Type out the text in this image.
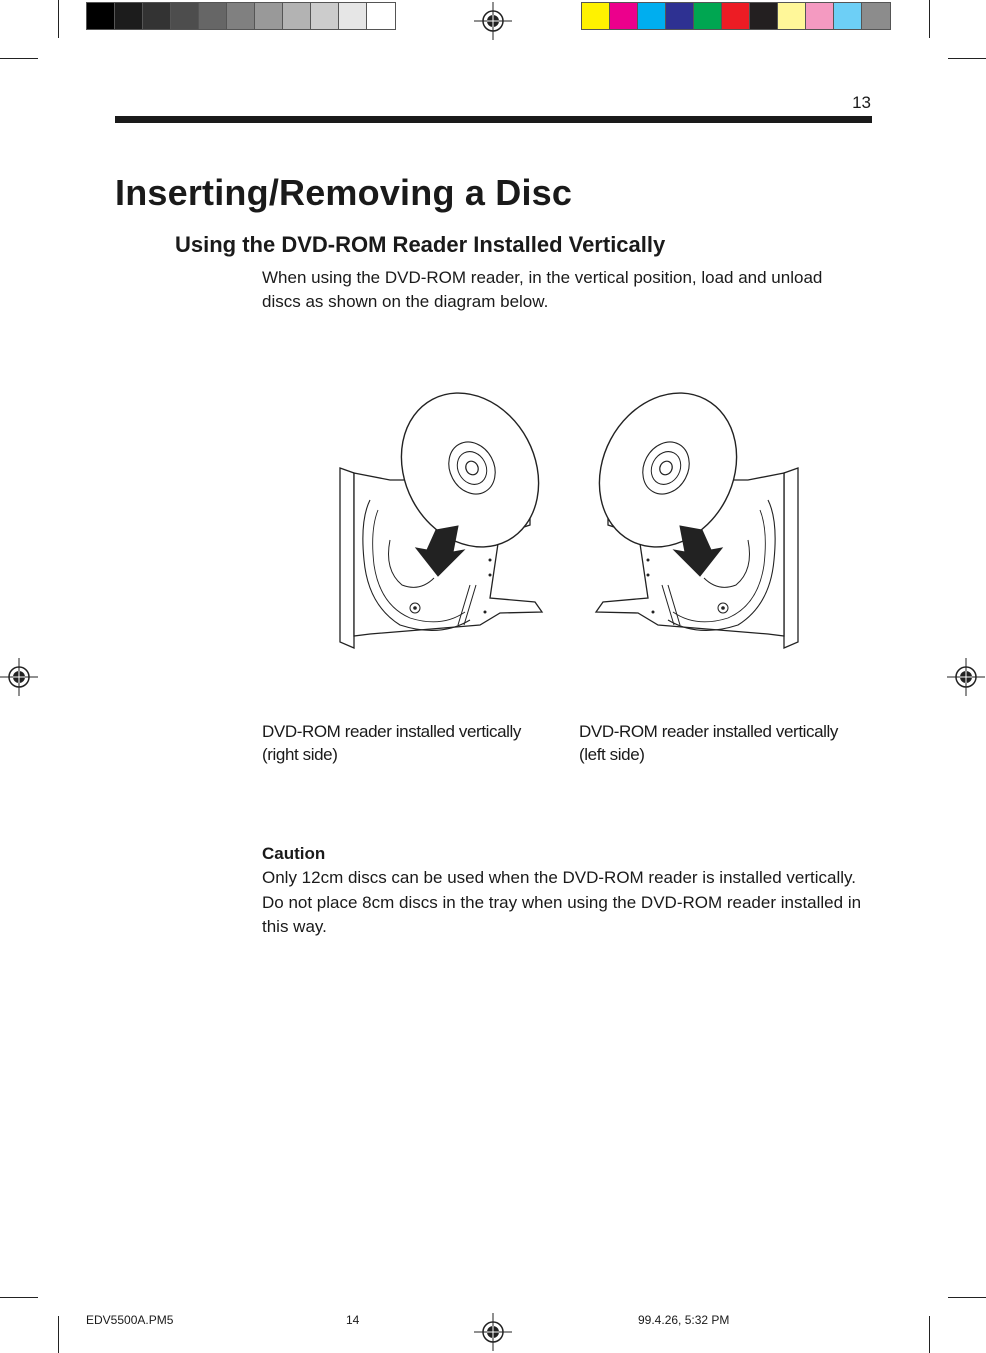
13
Inserting/Removing a Disc
Using the DVD-ROM Reader Installed Vertically

When using the DVD-ROM reader, in the vertical position, load and unload discs as shown on the diagram below.

DVD-ROM reader installed vertically
(right side)
DVD-ROM reader installed vertically
(left side)
Caution

Only 12cm discs can be used when the DVD-ROM reader is installed vertically. Do not place 8cm discs in the tray when using the DVD-ROM reader installed in this way.

EDV5500A.PM5	14	99.4.26, 5:32 PM
